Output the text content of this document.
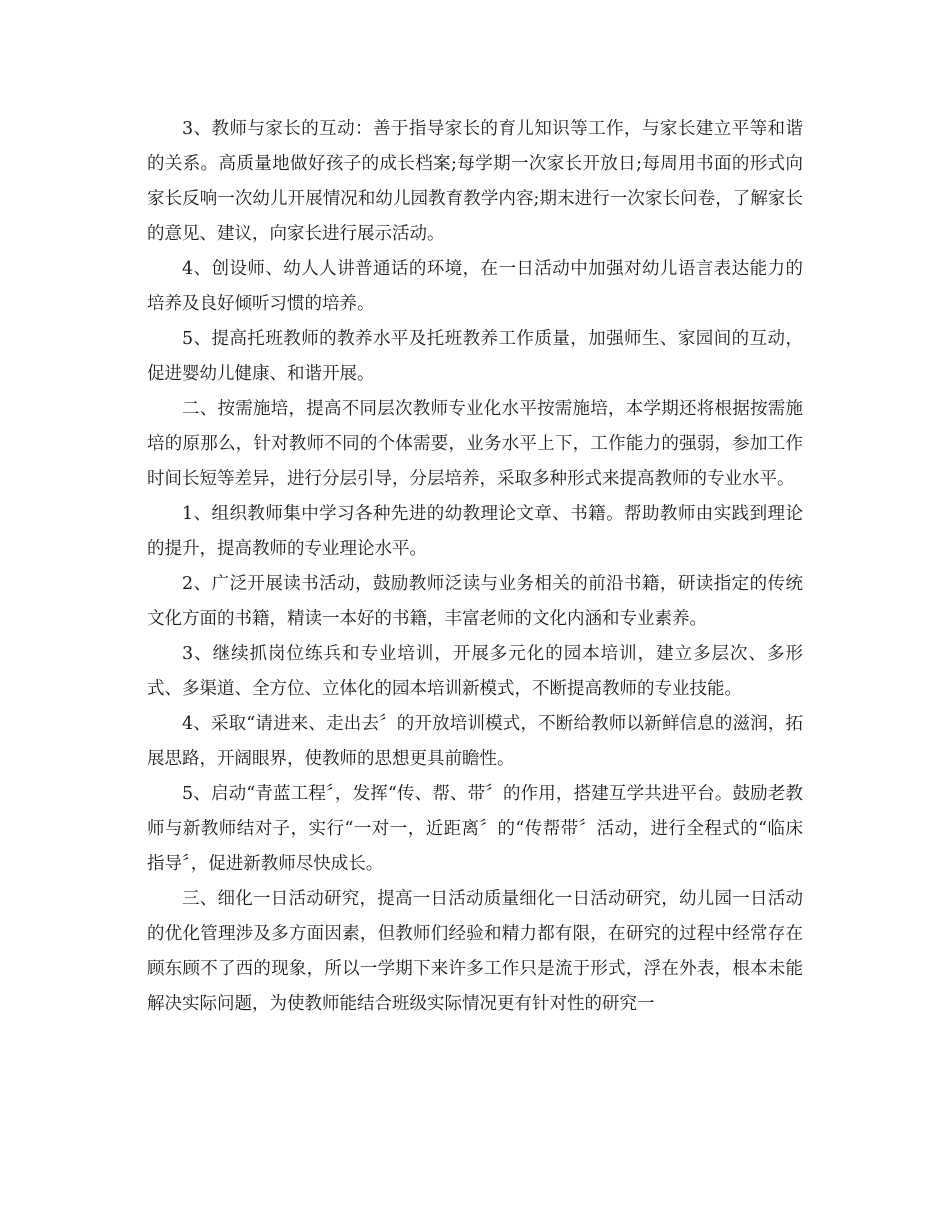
3、教师与家长的互动：善于指导家长的育儿知识等工作，与家长建立平等和谐的关系。高质量地做好孩子的成长档案;每学期一次家长开放日;每周用书面的形式向家长反响一次幼儿开展情况和幼儿园教育教学内容;期末进行一次家长问卷，了解家长的意见、建议，向家长进行展示活动。

4、创设师、幼人人讲普通话的环境，在一日活动中加强对幼儿语言表达能力的培养及良好倾听习惯的培养。

5、提高托班教师的教养水平及托班教养工作质量，加强师生、家园间的互动，促进婴幼儿健康、和谐开展。

二、按需施培，提高不同层次教师专业化水平按需施培，本学期还将根据按需施培的原那么，针对教师不同的个体需要，业务水平上下，工作能力的强弱，参加工作时间长短等差异，进行分层引导，分层培养，采取多种形式来提高教师的专业水平。

1、组织教师集中学习各种先进的幼教理论文章、书籍。帮助教师由实践到理论的提升，提高教师的专业理论水平。

2、广泛开展读书活动，鼓励教师泛读与业务相关的前沿书籍，研读指定的传统文化方面的书籍，精读一本好的书籍，丰富老师的文化内涵和专业素养。

3、继续抓岗位练兵和专业培训，开展多元化的园本培训，建立多层次、多形式、多渠道、全方位、立体化的园本培训新模式，不断提高教师的专业技能。

4、采取“请进来、走出去〞的开放培训模式，不断给教师以新鲜信息的滋润，拓展思路，开阔眼界，使教师的思想更具前瞻性。

5、启动“青蓝工程〞，发挥“传、帮、带〞的作用，搭建互学共进平台。鼓励老教师与新教师结对子，实行“一对一，近距离〞的“传帮带〞活动，进行全程式的“临床指导〞，促进新教师尽快成长。

三、细化一日活动研究，提高一日活动质量细化一日活动研究，幼儿园一日活动的优化管理涉及多方面因素，但教师们经验和精力都有限，在研究的过程中经常存在顾东顾不了西的现象，所以一学期下来许多工作只是流于形式，浮在外表，根本未能解决实际问题，为使教师能结合班级实际情况更有针对性的研究一
